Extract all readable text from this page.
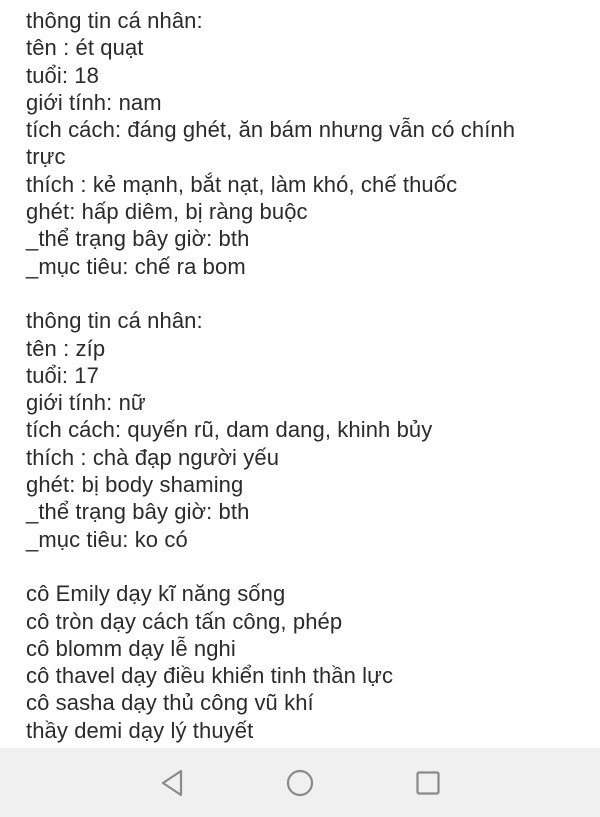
thông tin cá nhân:
tên : ét quạt
tuổi: 18
giới tính: nam
tích cách: đáng ghét, ăn bám nhưng vẫn có chính
trực
thích : kẻ mạnh, bắt nạt, làm khó, chế thuốc
ghét: hấp diêm, bị ràng buộc
_thể trạng bây giờ: bth
_mục tiêu: chế ra bom
thông tin cá nhân:
tên : zíp
tuổi: 17
giới tính: nữ
tích cách: quyến rũ, dam dang, khinh bủy
thích : chà đạp người yếu
ghét: bị body shaming
_thể trạng bây giờ: bth
_mục tiêu: ko có
cô Emily dạy kĩ năng sống
cô tròn dạy cách tấn công, phép
cô blomm dạy lễ nghi
cô thavel dạy điều khiển tinh thần lực
cô sasha dạy thủ công vũ khí
thầy demi dạy lý thuyết
